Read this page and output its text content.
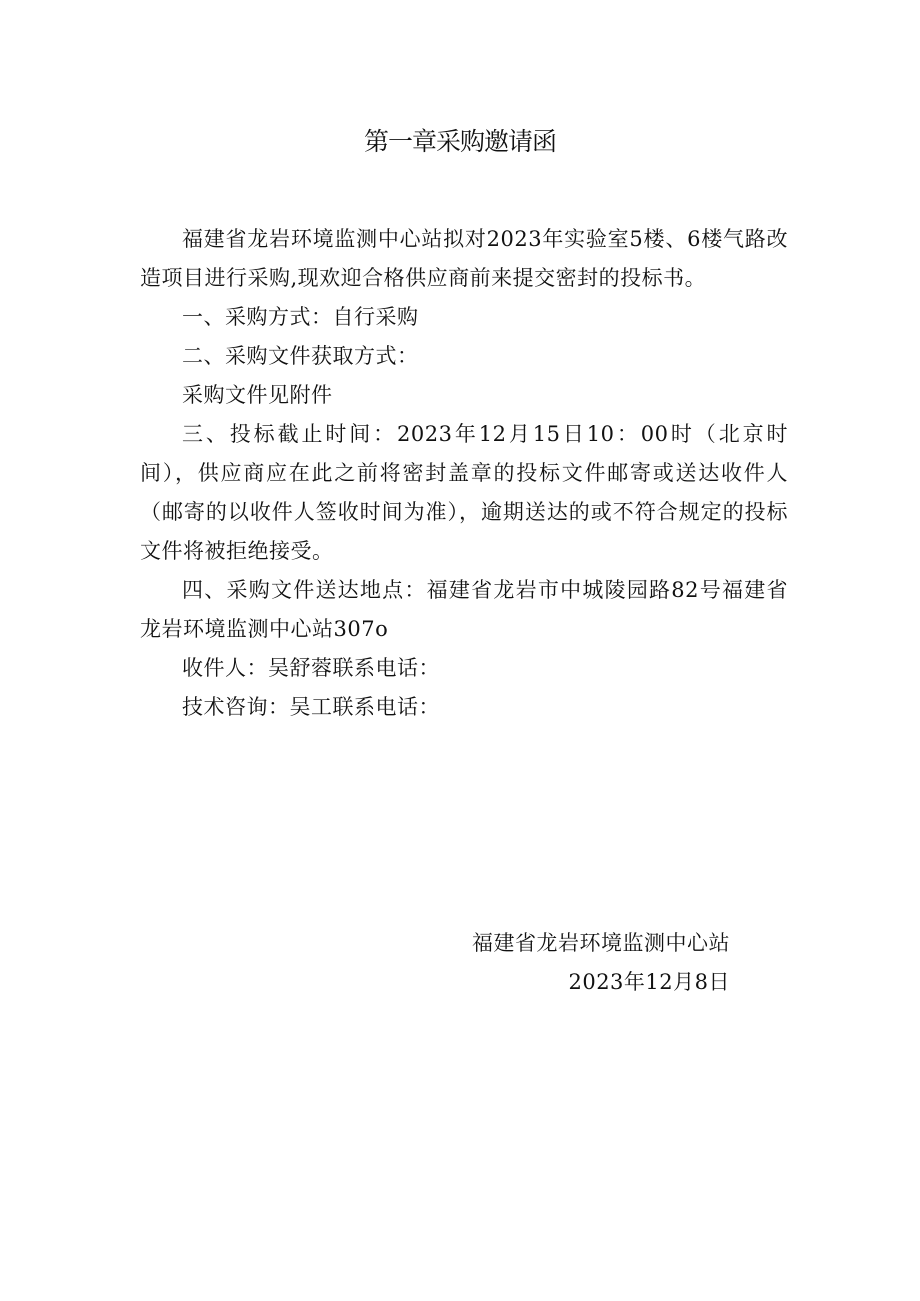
第一章采购邀请函

福建省龙岩环境监测中心站拟对2023年实验室5楼、6楼气路改造项目进行采购,现欢迎合格供应商前来提交密封的投标书。

一、采购方式：自行采购

二、采购文件获取方式：

采购文件见附件

三、投标截止时间：2023年12月15日10：00时（北京时间），供应商应在此之前将密封盖章的投标文件邮寄或送达收件人（邮寄的以收件人签收时间为准），逾期送达的或不符合规定的投标文件将被拒绝接受。

四、采购文件送达地点：福建省龙岩市中城陵园路82号福建省龙岩环境监测中心站307o

收件人：吴舒蓉联系电话：

技术咨询：吴工联系电话：

福建省龙岩环境监测中心站
2023年12月8日
